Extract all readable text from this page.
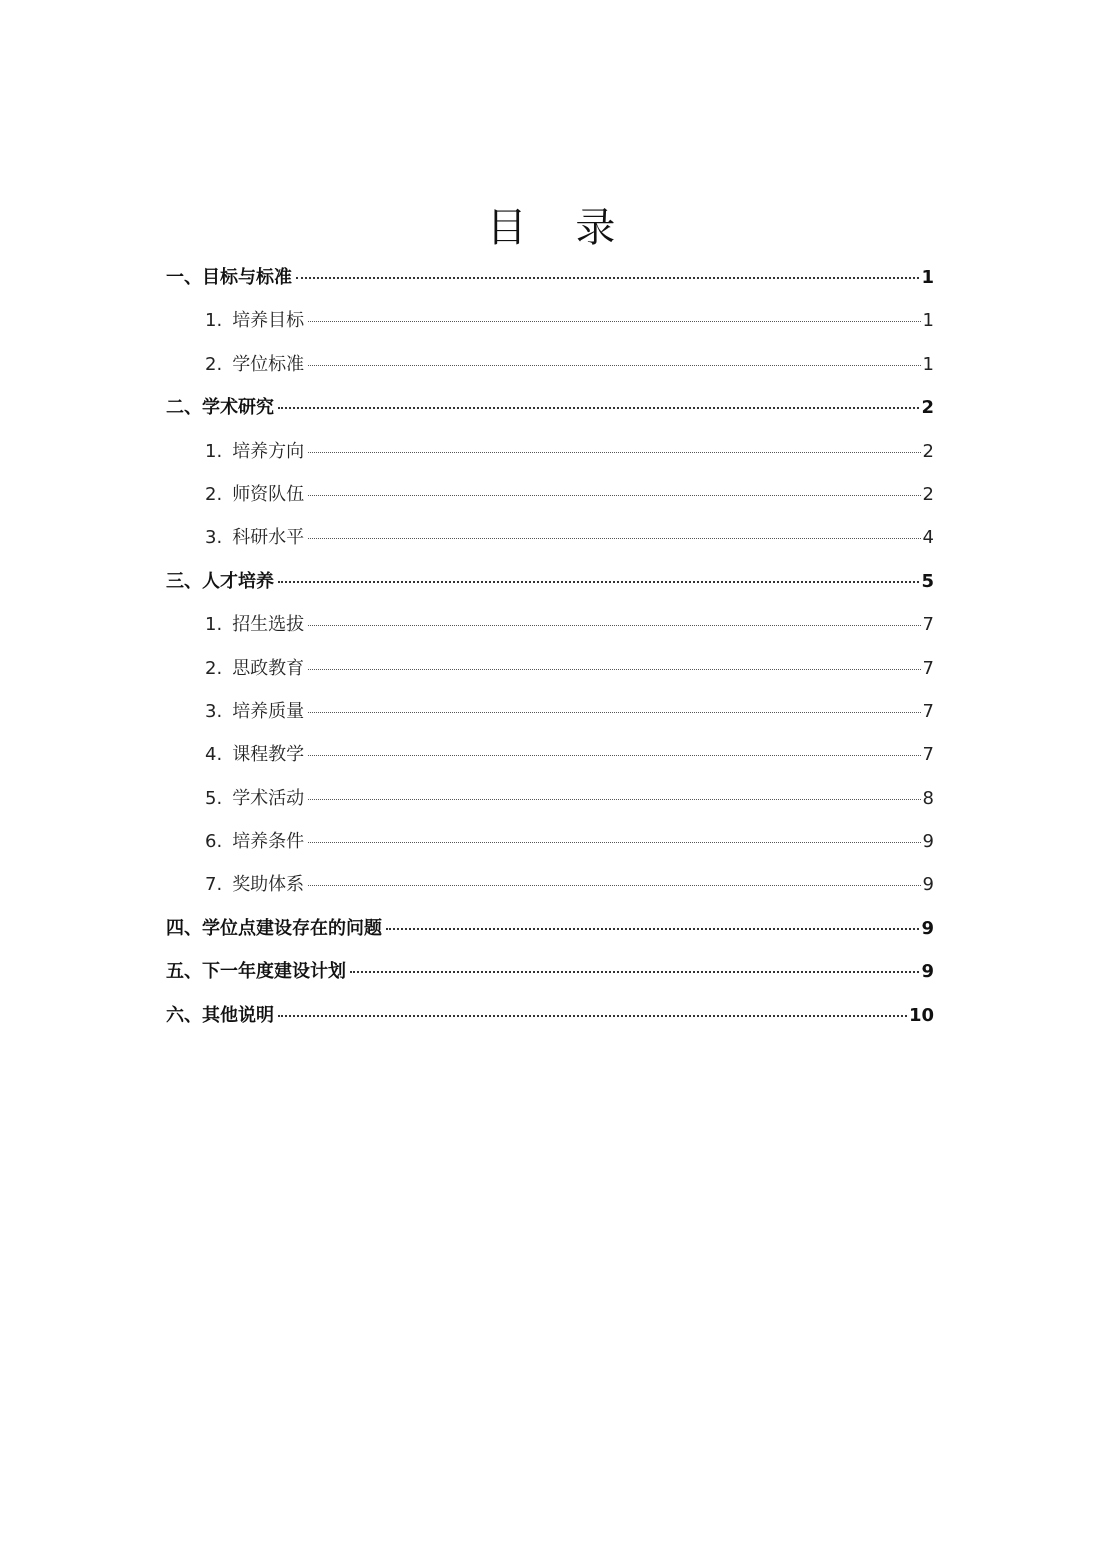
目 录
一、目标与标准	1
1. 培养目标	1
2. 学位标准	1
二、学术研究	2
1. 培养方向	2
2. 师资队伍	2
3. 科研水平	4
三、人才培养	5
1. 招生选拔	7
2. 思政教育	7
3. 培养质量	7
4. 课程教学	7
5. 学术活动	8
6. 培养条件	9
7. 奖助体系	9
四、学位点建设存在的问题	9
五、下一年度建设计划	9
六、其他说明	10
